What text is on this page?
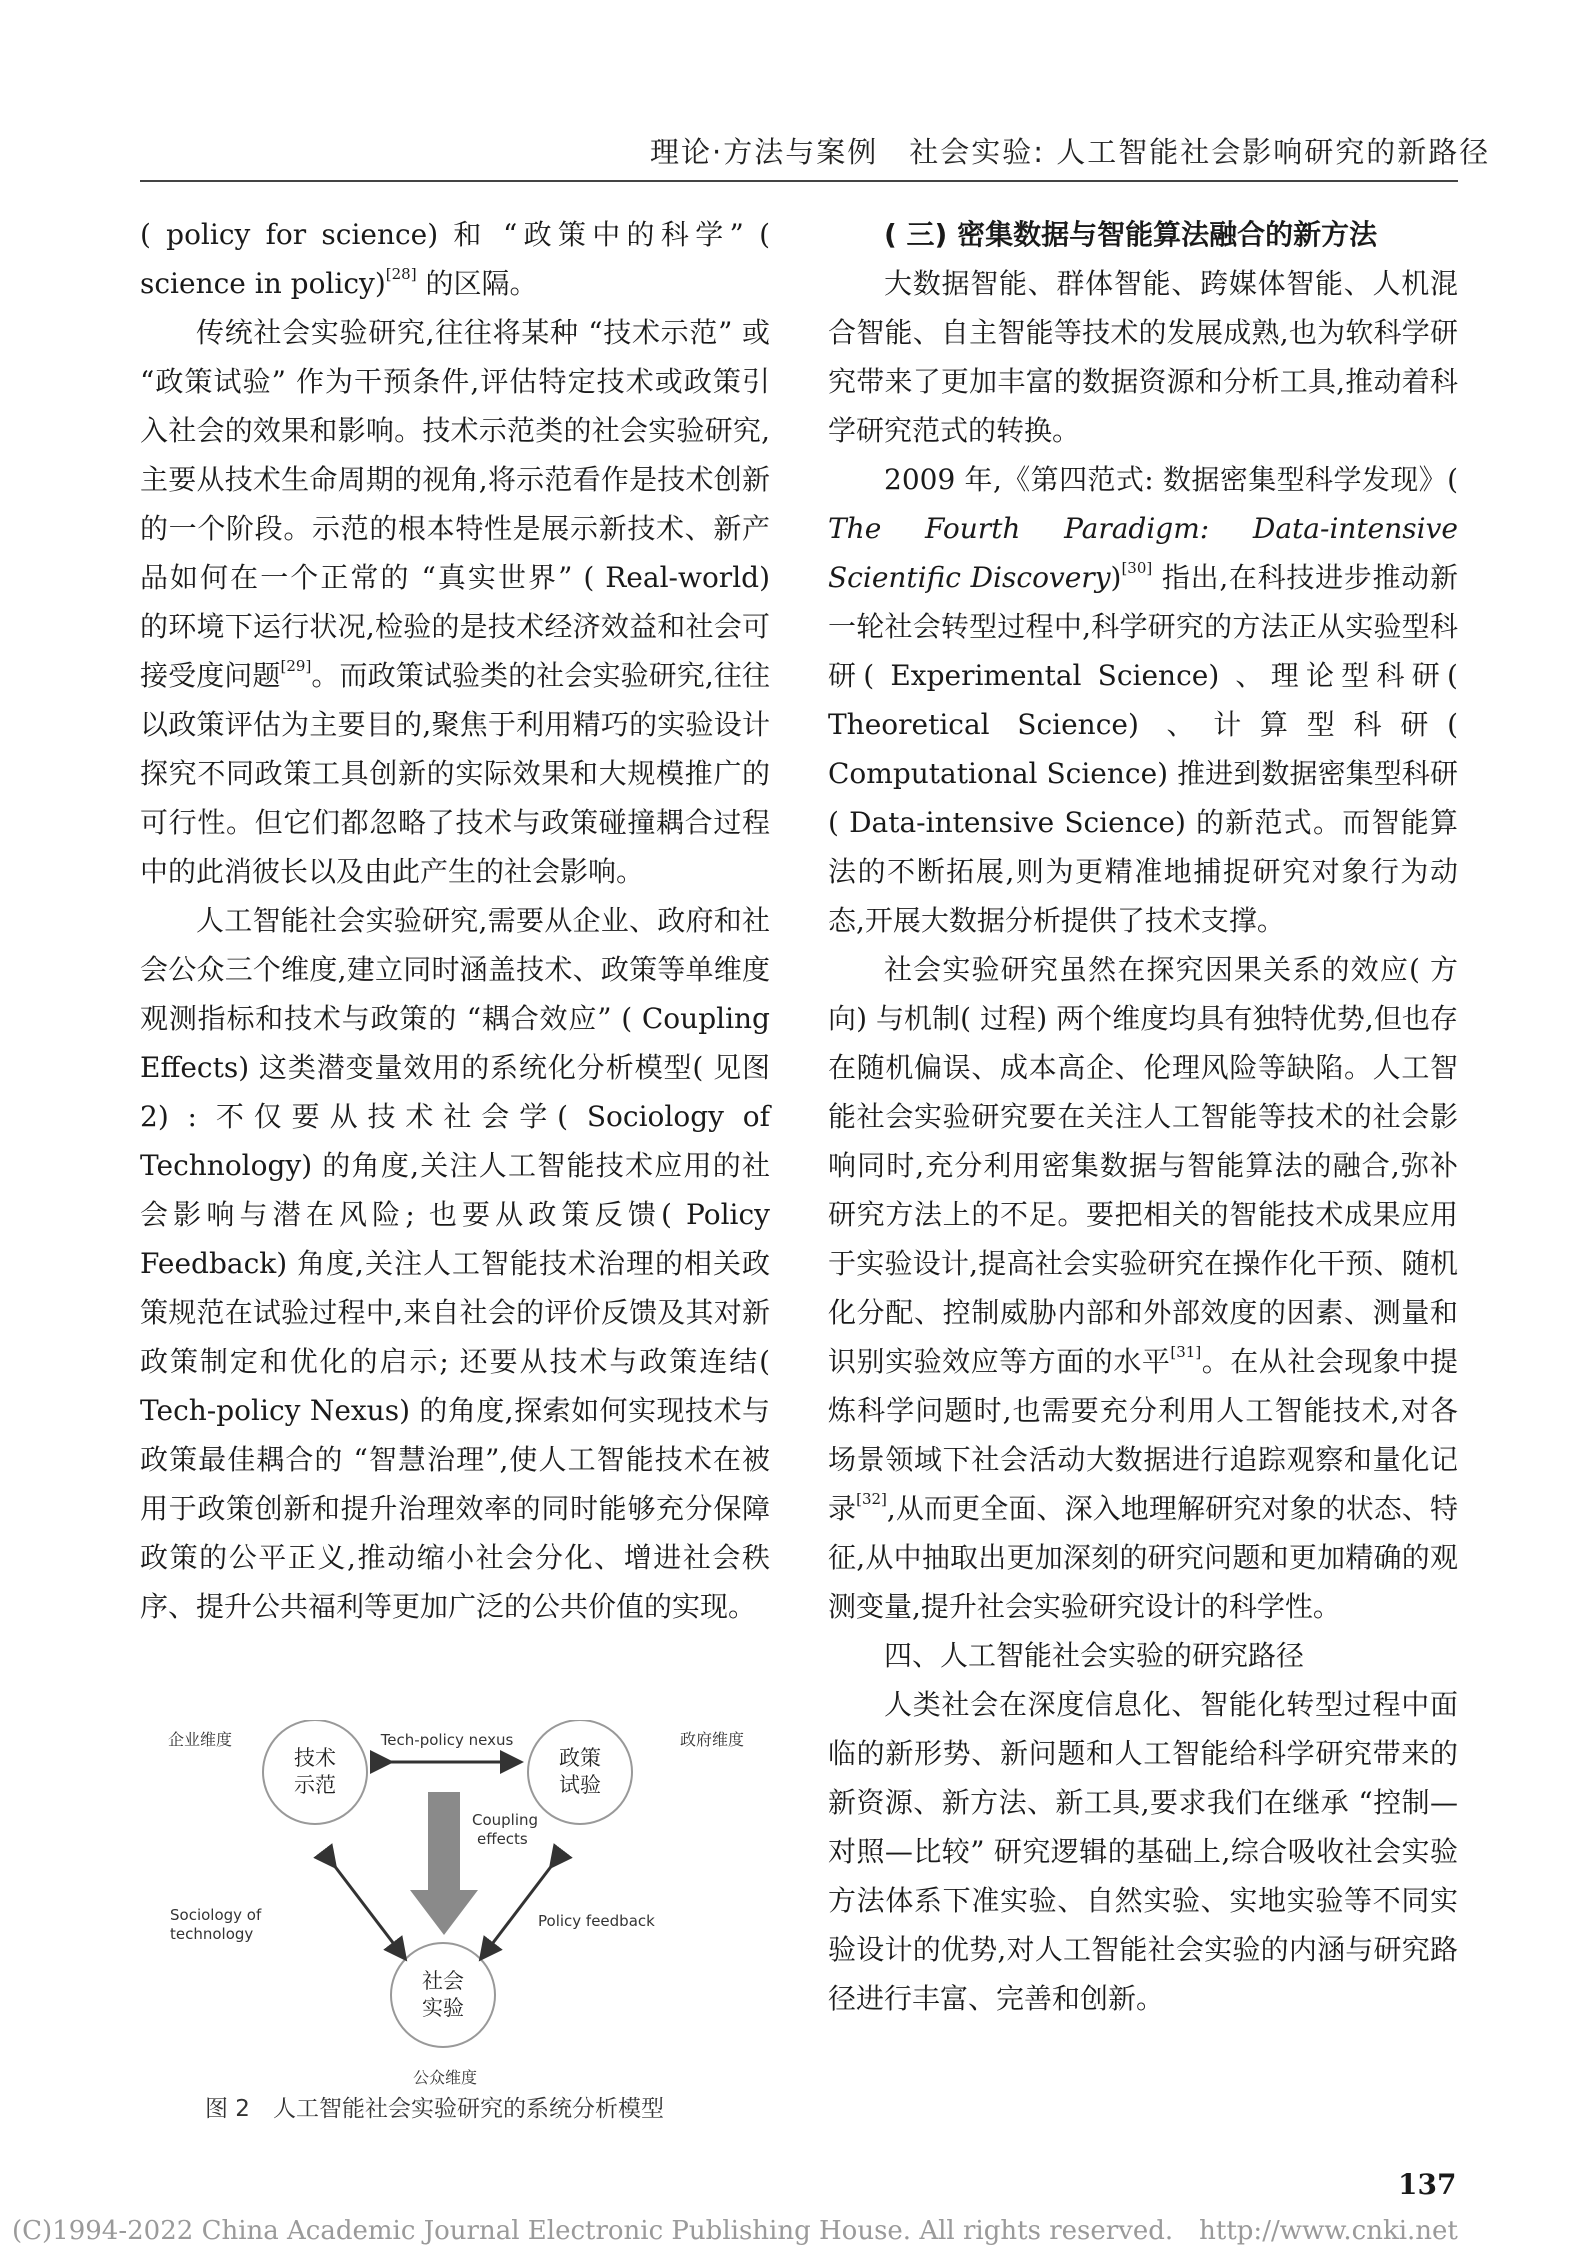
理论·方法与案例　社会实验: 人工智能社会影响研究的新路径

( policy for science) 和 “政策中的科学” ( science in policy)[28] 的区隔。

传统社会实验研究,往往将某种 “技术示范” 或 “政策试验” 作为干预条件,评估特定技术或政策引入社会的效果和影响。技术示范类的社会实验研究,主要从技术生命周期的视角,将示范看作是技术创新的一个阶段。示范的根本特性是展示新技术、新产品如何在一个正常的 “真实世界” ( Real-world) 的环境下运行状况,检验的是技术经济效益和社会可接受度问题[29]。而政策试验类的社会实验研究,往往以政策评估为主要目的,聚焦于利用精巧的实验设计探究不同政策工具创新的实际效果和大规模推广的可行性。但它们都忽略了技术与政策碰撞耦合过程中的此消彼长以及由此产生的社会影响。

人工智能社会实验研究,需要从企业、政府和社会公众三个维度,建立同时涵盖技术、政策等单维度观测指标和技术与政策的 “耦合效应” ( Coupling Effects) 这类潜变量效用的系统化分析模型( 见图 2) : 不仅要从技术社会学( Sociology of Technology) 的角度,关注人工智能技术应用的社会影响与潜在风险; 也要从政策反馈( Policy Feedback) 角度,关注人工智能技术治理的相关政策规范在试验过程中,来自社会的评价反馈及其对新政策制定和优化的启示; 还要从技术与政策连结( Tech-policy Nexus) 的角度,探索如何实现技术与政策最佳耦合的 “智慧治理”,使人工智能技术在被用于政策创新和提升治理效率的同时能够充分保障政策的公平正义,推动缩小社会分化、增进社会秩序、提升公共福利等更加广泛的公共价值的实现。

企业维度	政府维度
公众维度
技术
示范
政策
试验
社会
实验
Tech-policy nexus
Coupling
effects
Sociology of
technology
Policy feedback
图 2　人工智能社会实验研究的系统分析模型
( 三) 密集数据与智能算法融合的新方法

大数据智能、群体智能、跨媒体智能、人机混合智能、自主智能等技术的发展成熟,也为软科学研究带来了更加丰富的数据资源和分析工具,推动着科学研究范式的转换。

2009 年,《第四范式: 数据密集型科学发现》( The Fourth Paradigm: Data-intensive Scientific Discovery)[30] 指出,在科技进步推动新一轮社会转型过程中,科学研究的方法正从实验型科研( Experimental Science) 、理论型科研( Theoretical Science) 、计算型科研( Computational Science) 推进到数据密集型科研( Data-intensive Science) 的新范式。而智能算法的不断拓展,则为更精准地捕捉研究对象行为动态,开展大数据分析提供了技术支撑。

社会实验研究虽然在探究因果关系的效应( 方向) 与机制( 过程) 两个维度均具有独特优势,但也存在随机偏误、成本高企、伦理风险等缺陷。人工智能社会实验研究要在关注人工智能等技术的社会影响同时,充分利用密集数据与智能算法的融合,弥补研究方法上的不足。要把相关的智能技术成果应用于实验设计,提高社会实验研究在操作化干预、随机化分配、控制威胁内部和外部效度的因素、测量和识别实验效应等方面的水平[31]。在从社会现象中提炼科学问题时,也需要充分利用人工智能技术,对各场景领域下社会活动大数据进行追踪观察和量化记录[32],从而更全面、深入地理解研究对象的状态、特征,从中抽取出更加深刻的研究问题和更加精确的观测变量,提升社会实验研究设计的科学性。

四、人工智能社会实验的研究路径

人类社会在深度信息化、智能化转型过程中面临的新形势、新问题和人工智能给科学研究带来的新资源、新方法、新工具,要求我们在继承 “控制—对照—比较” 研究逻辑的基础上,综合吸收社会实验方法体系下准实验、自然实验、实地实验等不同实验设计的优势,对人工智能社会实验的内涵与研究路径进行丰富、完善和创新。

137
(C)1994-2022 China Academic Journal Electronic Publishing House. All rights reserved.　http://www.cnki.net
